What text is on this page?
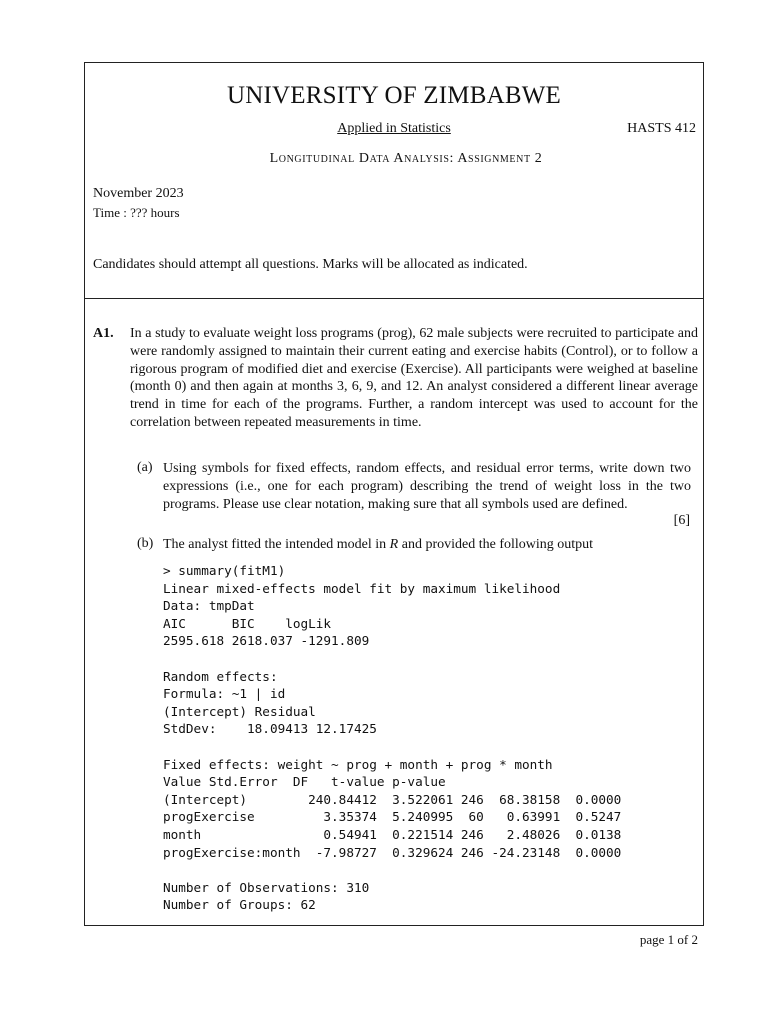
UNIVERSITY OF ZIMBABWE
Applied in Statistics	HASTS 412
Longitudinal Data Analysis: Assignment 2
November 2023
Time : ??? hours
Candidates should attempt all questions. Marks will be allocated as indicated.
A1. In a study to evaluate weight loss programs (prog), 62 male subjects were recruited to participate and were randomly assigned to maintain their current eating and exercise habits (Control), or to follow a rigorous program of modified diet and exercise (Exercise). All participants were weighed at baseline (month 0) and then again at months 3, 6, 9, and 12. An analyst considered a different linear average trend in time for each of the programs. Further, a random intercept was used to account for the correlation between repeated measurements in time.
(a) Using symbols for fixed effects, random effects, and residual error terms, write down two expressions (i.e., one for each program) describing the trend of weight loss in the two programs. Please use clear notation, making sure that all symbols used are defined.
[6]
(b) The analyst fitted the intended model in R and provided the following output
> summary(fitM1)
Linear mixed-effects model fit by maximum likelihood
Data: tmpDat
AIC      BIC    logLik
2595.618 2618.037 -1291.809

Random effects:
Formula: ~1 | id
(Intercept) Residual
StdDev:    18.09413 12.17425

Fixed effects: weight ~ prog + month + prog * month
Value Std.Error  DF   t-value p-value
(Intercept)        240.84412  3.522061 246  68.38158  0.0000
progExercise         3.35374  5.240995  60   0.63991  0.5247
month                0.54941  0.221514 246   2.48026  0.0138
progExercise:month  -7.98727  0.329624 246 -24.23148  0.0000

Number of Observations: 310
Number of Groups: 62
page 1 of 2
